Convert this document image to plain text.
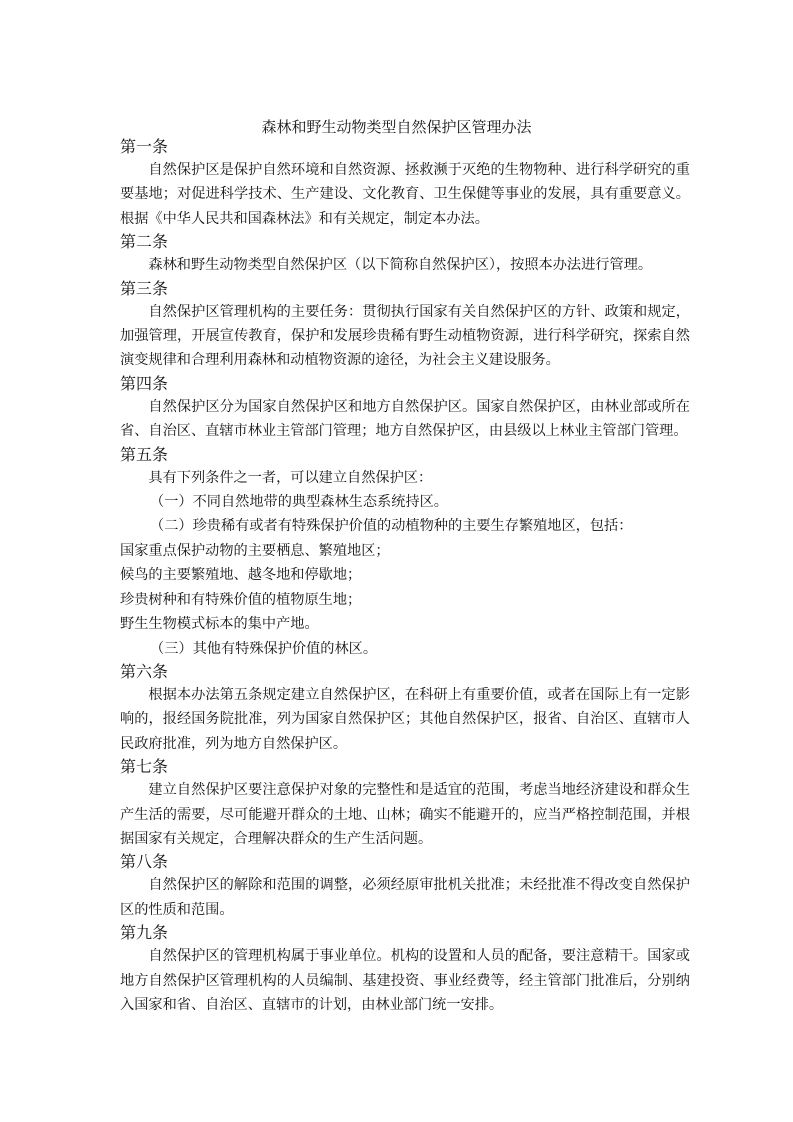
森林和野生动物类型自然保护区管理办法

第一条

自然保护区是保护自然环境和自然资源、拯救濒于灭绝的生物物种、进行科学研究的重要基地；对促进科学技术、生产建设、文化教育、卫生保健等事业的发展，具有重要意义。根据《中华人民共和国森林法》和有关规定，制定本办法。

第二条

森林和野生动物类型自然保护区（以下简称自然保护区），按照本办法进行管理。

第三条

自然保护区管理机构的主要任务：贯彻执行国家有关自然保护区的方针、政策和规定，加强管理，开展宣传教育，保护和发展珍贵稀有野生动植物资源，进行科学研究，探索自然演变规律和合理利用森林和动植物资源的途径，为社会主义建设服务。

第四条

自然保护区分为国家自然保护区和地方自然保护区。国家自然保护区，由林业部或所在省、自治区、直辖市林业主管部门管理；地方自然保护区，由县级以上林业主管部门管理。

第五条

具有下列条件之一者，可以建立自然保护区：

（一）不同自然地带的典型森林生态系统持区。

（二）珍贵稀有或者有特殊保护价值的动植物种的主要生存繁殖地区，包括：

国家重点保护动物的主要栖息、繁殖地区；

候鸟的主要繁殖地、越冬地和停歇地；

珍贵树种和有特殊价值的植物原生地；

野生生物模式标本的集中产地。

（三）其他有特殊保护价值的林区。

第六条

根据本办法第五条规定建立自然保护区，在科研上有重要价值，或者在国际上有一定影响的，报经国务院批准，列为国家自然保护区；其他自然保护区，报省、自治区、直辖市人民政府批准，列为地方自然保护区。

第七条

建立自然保护区要注意保护对象的完整性和是适宜的范围，考虑当地经济建设和群众生产生活的需要，尽可能避开群众的土地、山林；确实不能避开的，应当严格控制范围，并根据国家有关规定，合理解决群众的生产生活问题。

第八条

自然保护区的解除和范围的调整，必须经原审批机关批准；未经批准不得改变自然保护区的性质和范围。

第九条

自然保护区的管理机构属于事业单位。机构的设置和人员的配备，要注意精干。国家或地方自然保护区管理机构的人员编制、基建投资、事业经费等，经主管部门批准后，分别纳入国家和省、自治区、直辖市的计划，由林业部门统一安排。
